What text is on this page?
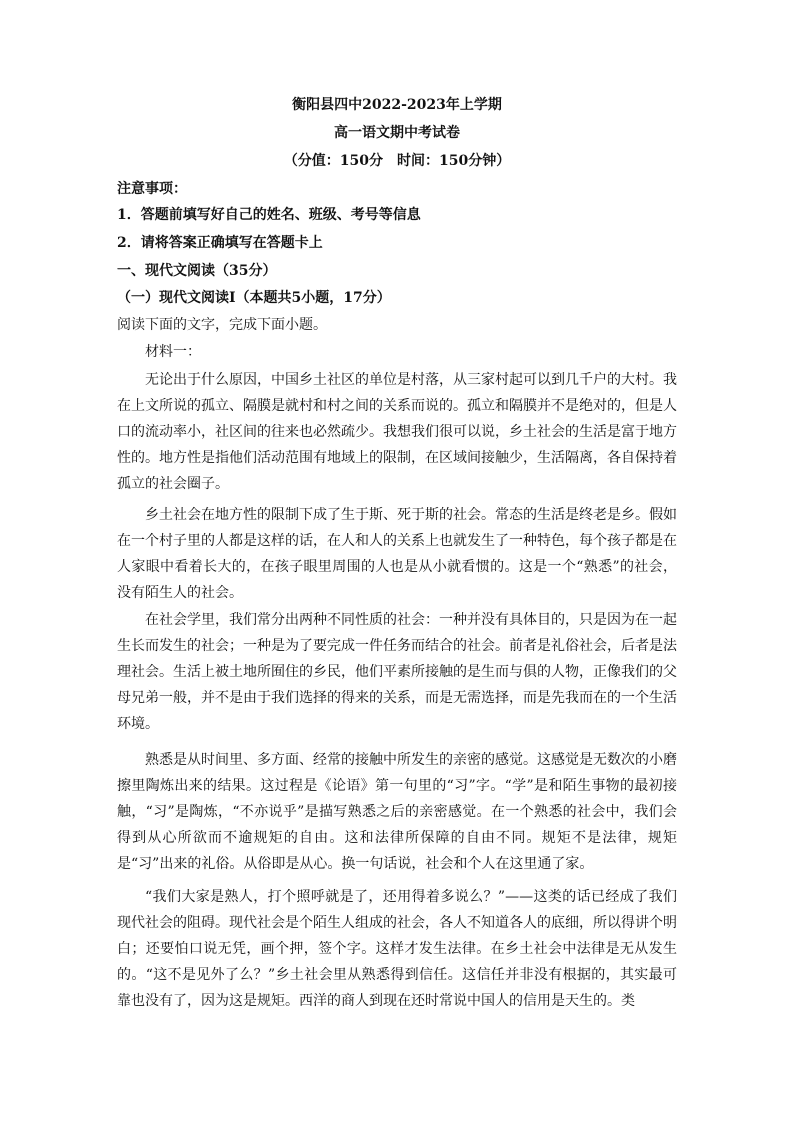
衡阳县四中2022-2023年上学期
高一语文期中考试卷
（分值：150分　时间：150分钟）
注意事项：
1．答题前填写好自己的姓名、班级、考号等信息
2．请将答案正确填写在答题卡上
一、现代文阅读（35分）
（一）现代文阅读Ⅰ（本题共5小题，17分）
阅读下面的文字，完成下面小题。
材料一：

无论出于什么原因，中国乡土社区的单位是村落，从三家村起可以到几千户的大村。我在上文所说的孤立、隔膜是就村和村之间的关系而说的。孤立和隔膜并不是绝对的，但是人口的流动率小，社区间的往来也必然疏少。我想我们很可以说，乡土社会的生活是富于地方性的。地方性是指他们活动范围有地域上的限制，在区域间接触少，生活隔离，各自保持着孤立的社会圈子。

乡土社会在地方性的限制下成了生于斯、死于斯的社会。常态的生活是终老是乡。假如在一个村子里的人都是这样的话，在人和人的关系上也就发生了一种特色，每个孩子都是在人家眼中看着长大的，在孩子眼里周围的人也是从小就看惯的。这是一个“熟悉”的社会，没有陌生人的社会。

在社会学里，我们常分出两种不同性质的社会：一种并没有具体目的，只是因为在一起生长而发生的社会；一种是为了要完成一件任务而结合的社会。前者是礼俗社会，后者是法理社会。生活上被土地所囿住的乡民，他们平素所接触的是生而与俱的人物，正像我们的父母兄弟一般，并不是由于我们选择的得来的关系，而是无需选择，而是先我而在的一个生活环境。

熟悉是从时间里、多方面、经常的接触中所发生的亲密的感觉。这感觉是无数次的小磨擦里陶炼出来的结果。这过程是《论语》第一句里的“习”字。“学”是和陌生事物的最初接触，“习”是陶炼，“不亦说乎”是描写熟悉之后的亲密感觉。在一个熟悉的社会中，我们会得到从心所欲而不逾规矩的自由。这和法律所保障的自由不同。规矩不是法律，规矩是“习”出来的礼俗。从俗即是从心。换一句话说，社会和个人在这里通了家。

“我们大家是熟人，打个照呼就是了，还用得着多说么？”——这类的话已经成了我们现代社会的阻碍。现代社会是个陌生人组成的社会，各人不知道各人的底细，所以得讲个明白；还要怕口说无凭，画个押，签个字。这样才发生法律。在乡土社会中法律是无从发生的。“这不是见外了么？”乡土社会里从熟悉得到信任。这信任并非没有根据的，其实最可靠也没有了，因为这是规矩。西洋的商人到现在还时常说中国人的信用是天生的。类
